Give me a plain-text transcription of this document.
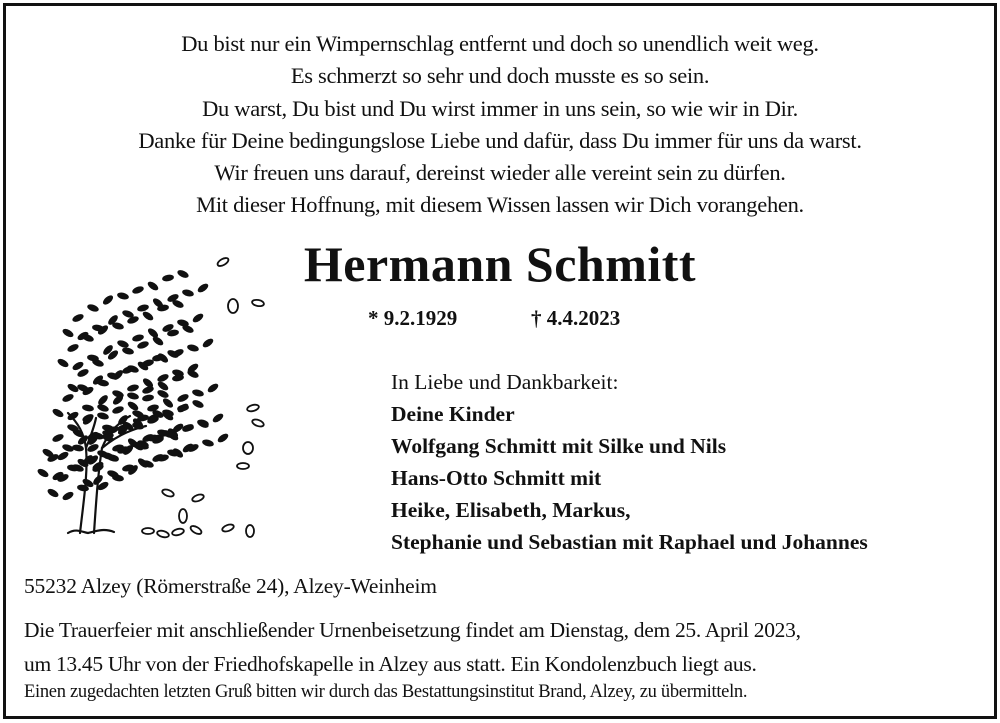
Du bist nur ein Wimpernschlag entfernt und doch so unendlich weit weg.
Es schmerzt so sehr und doch musste es so sein.
Du warst, Du bist und Du wirst immer in uns sein, so wie wir in Dir.
Danke für Deine bedingungslose Liebe und dafür, dass Du immer für uns da warst.
Wir freuen uns darauf, dereinst wieder alle vereint sein zu dürfen.
Mit dieser Hoffnung, mit diesem Wissen lassen wir Dich vorangehen.
Hermann Schmitt
* 9.2.1929	† 4.4.2023
In Liebe und Dankbarkeit:
Deine Kinder
Wolfgang Schmitt mit Silke und Nils
Hans-Otto Schmitt mit
Heike, Elisabeth, Markus,
Stephanie und Sebastian mit Raphael und Johannes
55232 Alzey (Römerstraße 24), Alzey-Weinheim
Die Trauerfeier mit anschließender Urnenbeisetzung findet am Dienstag, dem 25. April 2023,
um 13.45 Uhr von der Friedhofskapelle in Alzey aus statt. Ein Kondolenzbuch liegt aus.
Einen zugedachten letzten Gruß bitten wir durch das Bestattungsinstitut Brand, Alzey, zu übermitteln.
